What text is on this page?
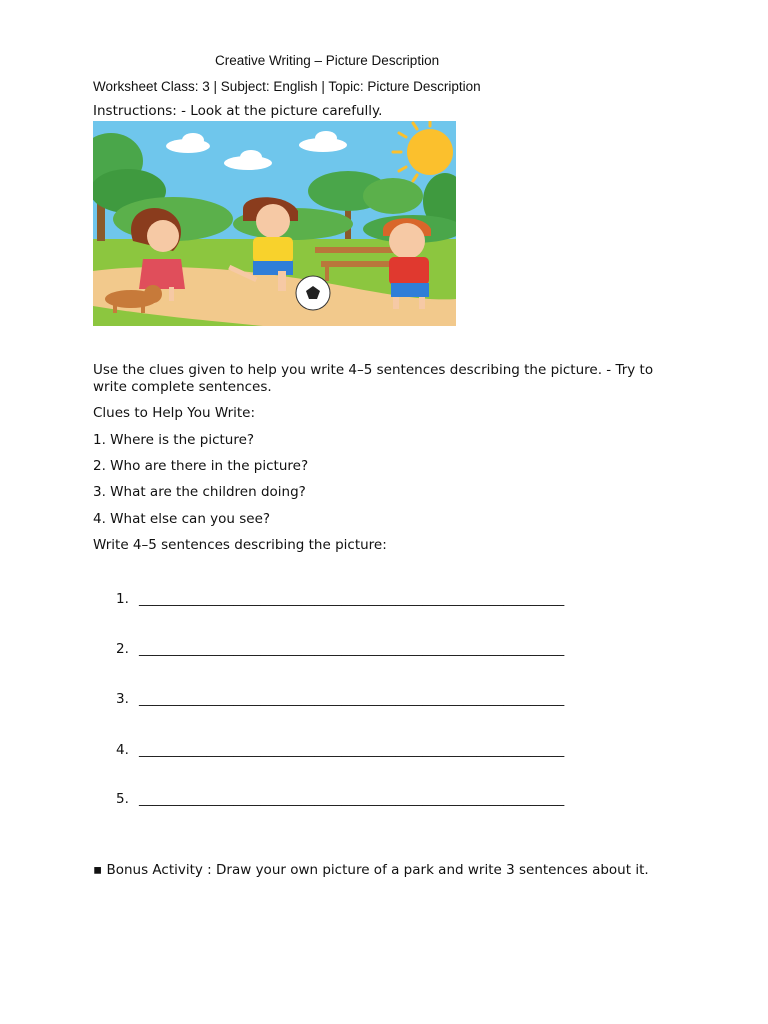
Creative Writing – Picture Description
Worksheet Class: 3 | Subject: English | Topic: Picture Description
Instructions: - Look at the picture carefully.
Use the clues given to help you write 4–5 sentences describing the picture. - Try to write complete sentences.
Clues to Help You Write:
1. Where is the picture?
2. Who are there in the picture?
3. What are the children doing?
4. What else can you see?
Write 4–5 sentences describing the picture:
1. _______________________________________________________________
2. _______________________________________________________________
3. _______________________________________________________________
4. _______________________________________________________________
5. _______________________________________________________________
▪ Bonus Activity : Draw your own picture of a park and write 3 sentences about it.
